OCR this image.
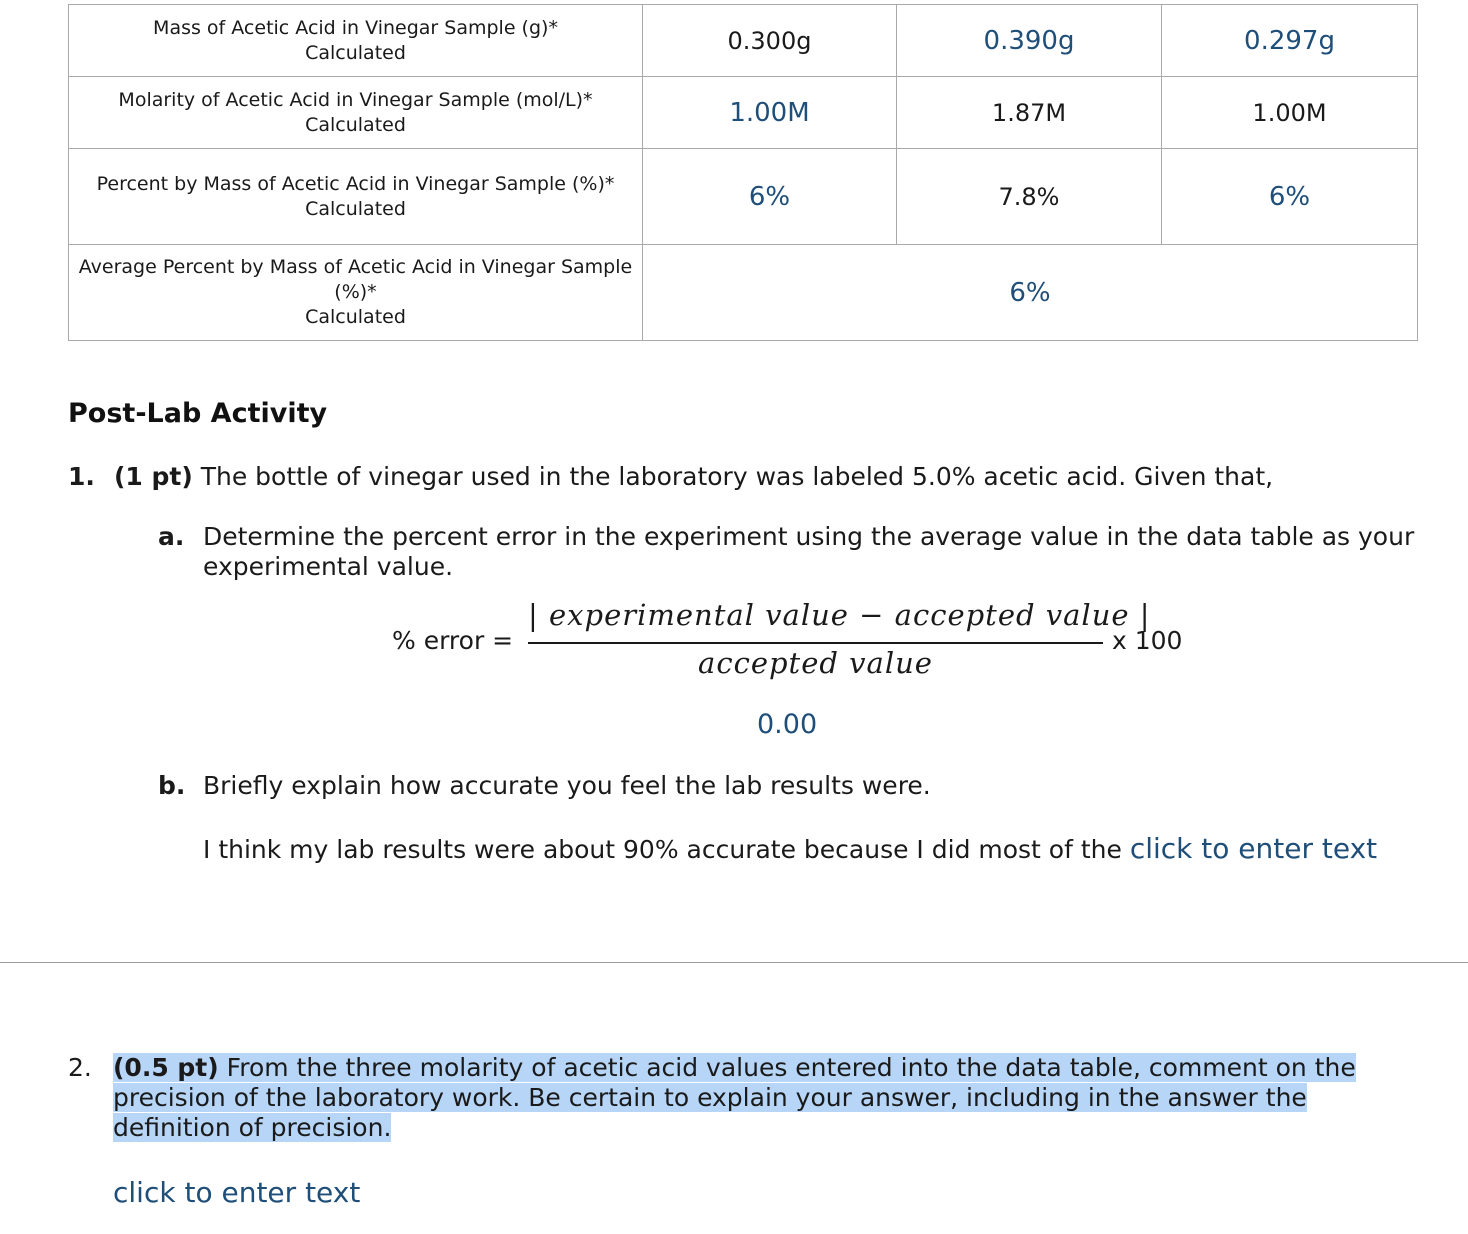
Mass of Acetic Acid in Vinegar Sample (g)*
Calculated	0.300g	0.390g	0.297g
Molarity of Acetic Acid in Vinegar Sample (mol/L)*
Calculated	1.00M	1.87M	1.00M
Percent by Mass of Acetic Acid in Vinegar Sample (%)*
Calculated	6%	7.8%	6%
Average Percent by Mass of Acetic Acid in Vinegar Sample (%)*
Calculated	6%		
Post-Lab Activity
1. (1 pt) The bottle of vinegar used in the laboratory was labeled 5.0% acetic acid. Given that,
a. Determine the percent error in the experiment using the average value in the data table as your experimental value.
% error =
| experimental value − accepted value |
accepted value
x 100
0.00
b. Briefly explain how accurate you feel the lab results were.
I think my lab results were about 90% accurate because I did most of the click to enter text
2. (0.5 pt) From the three molarity of acetic acid values entered into the data table, comment on the precision of the laboratory work. Be certain to explain your answer, including in the answer the definition of precision.
click to enter text
